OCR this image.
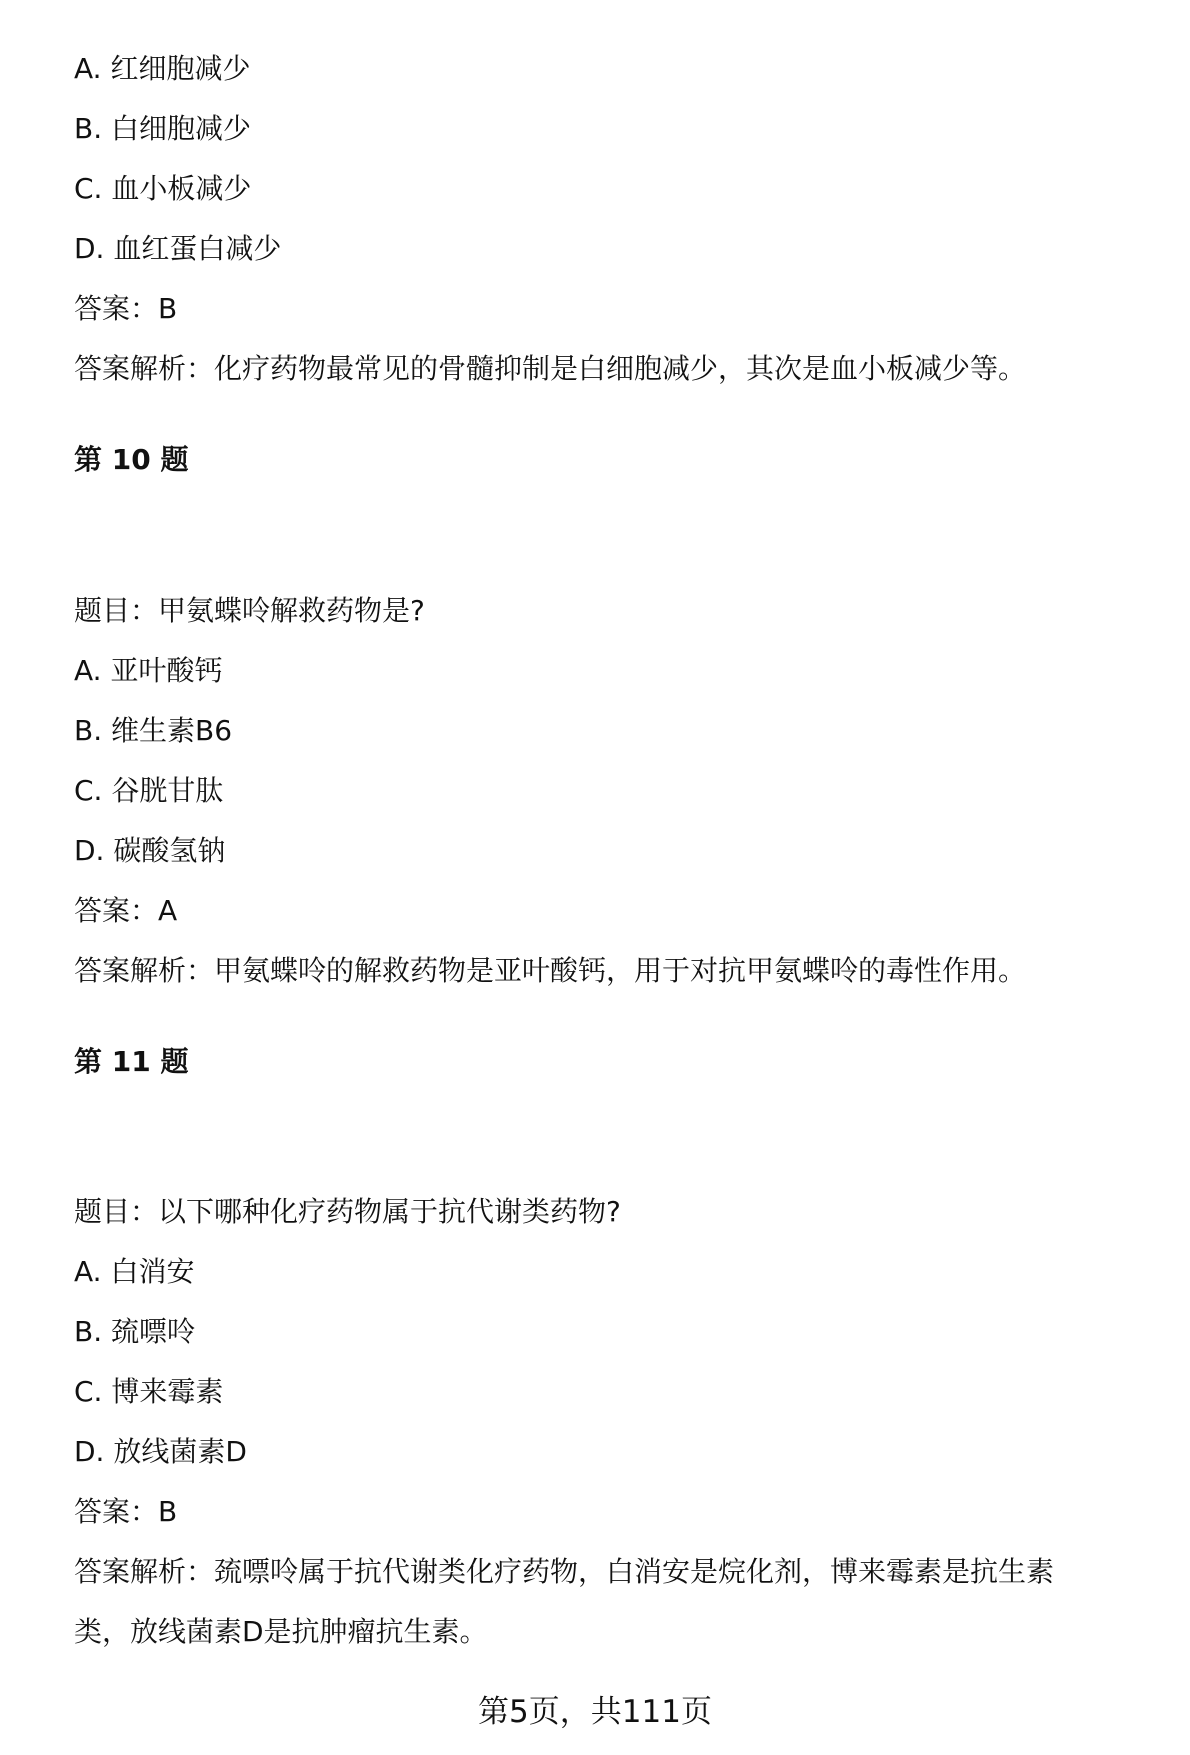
A. 红细胞减少
B. 白细胞减少
C. 血小板减少
D. 血红蛋白减少
答案：B
答案解析：化疗药物最常见的骨髓抑制是白细胞减少，其次是血小板减少等。
第 10 题
题目：甲氨蝶呤解救药物是?
A. 亚叶酸钙
B. 维生素B6
C. 谷胱甘肽
D. 碳酸氢钠
答案：A
答案解析：甲氨蝶呤的解救药物是亚叶酸钙，用于对抗甲氨蝶呤的毒性作用。
第 11 题
题目：以下哪种化疗药物属于抗代谢类药物?
A. 白消安
B. 巯嘌呤
C. 博来霉素
D. 放线菌素D
答案：B
答案解析：巯嘌呤属于抗代谢类化疗药物，白消安是烷化剂，博来霉素是抗生素
类，放线菌素D是抗肿瘤抗生素。
第5页，共111页
